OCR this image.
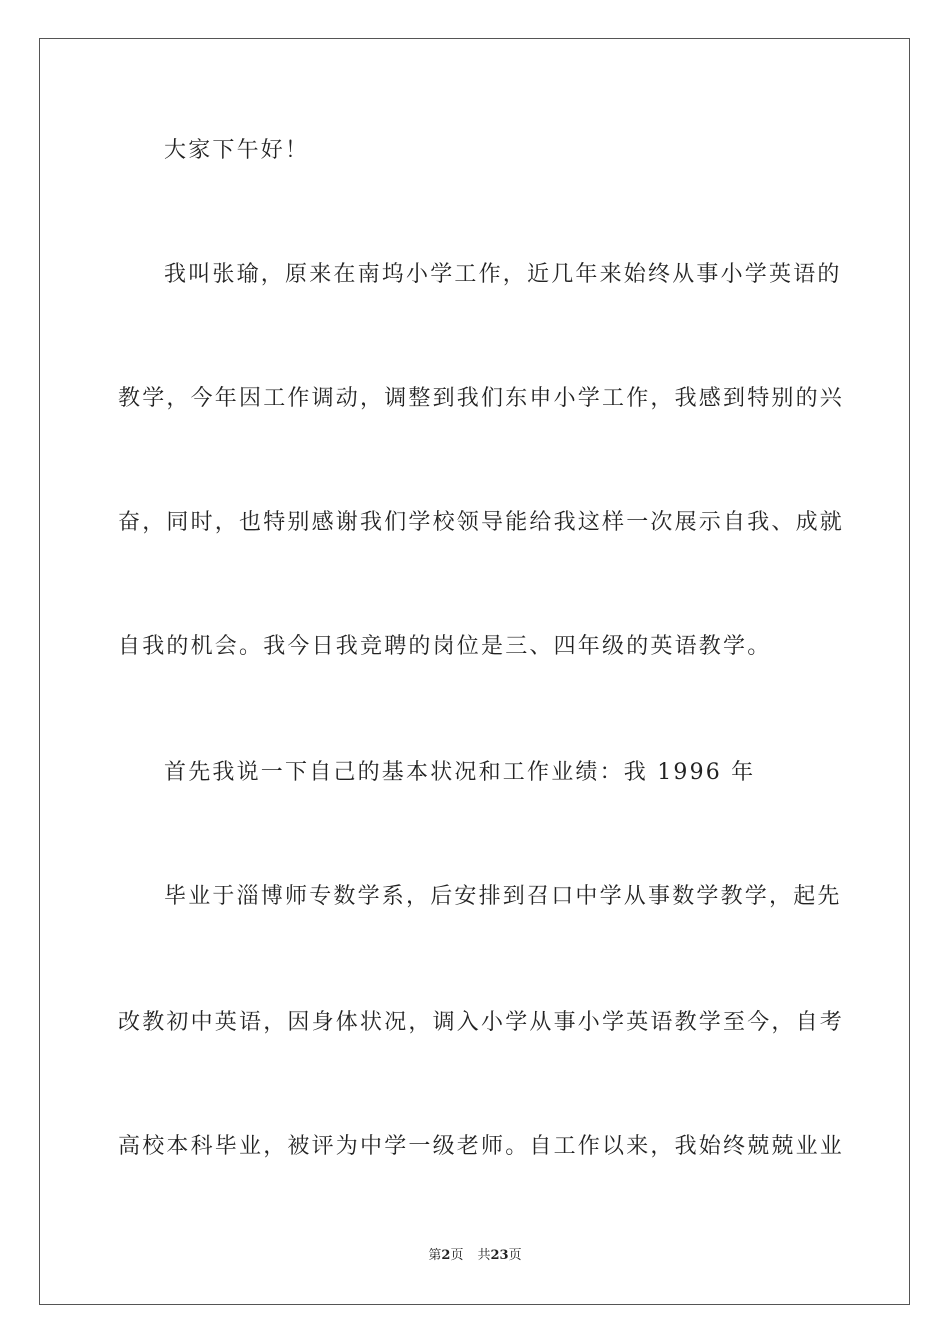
大家下午好！
我叫张瑜，原来在南坞小学工作，近几年来始终从事小学英语的
教学，今年因工作调动，调整到我们东申小学工作，我感到特别的兴
奋，同时，也特别感谢我们学校领导能给我这样一次展示自我、成就
自我的机会。我今日我竞聘的岗位是三、四年级的英语教学。
首先我说一下自己的基本状况和工作业绩：我 1996 年
毕业于淄博师专数学系，后安排到召口中学从事数学教学，起先
改教初中英语，因身体状况，调入小学从事小学英语教学至今，自考
高校本科毕业，被评为中学一级老师。自工作以来，我始终兢兢业业
第2页 共23页
